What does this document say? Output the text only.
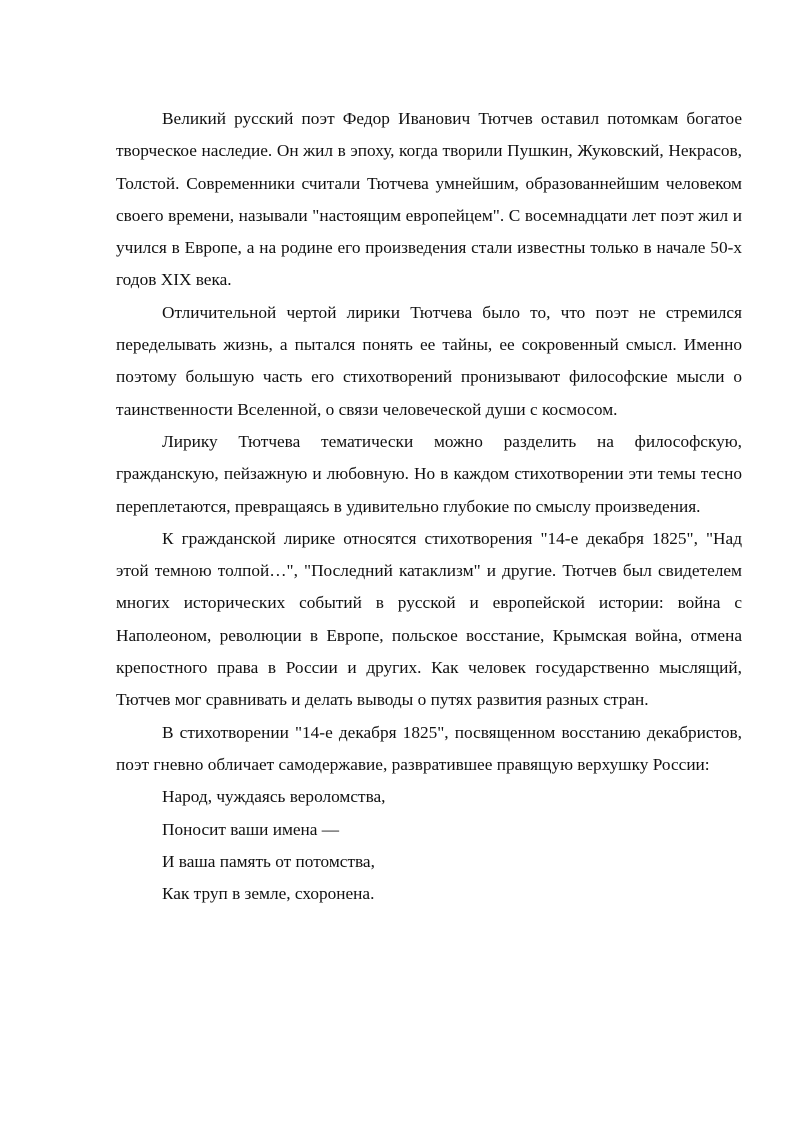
Великий русский поэт Федор Иванович Тютчев оставил потомкам богатое творческое наследие. Он жил в эпоху, когда творили Пушкин, Жуковский, Некрасов, Толстой. Современники считали Тютчева умнейшим, образованнейшим человеком своего времени, называли "настоящим европейцем". С восемнадцати лет поэт жил и учился в Европе, а на родине его произведения стали известны только в начале 50-х годов XIX века.

Отличительной чертой лирики Тютчева было то, что поэт не стремился переделывать жизнь, а пытался понять ее тайны, ее сокровенный смысл. Именно поэтому большую часть его стихотворений пронизывают философские мысли о таинственности Вселенной, о связи человеческой души с космосом.

Лирику Тютчева тематически можно разделить на философскую, гражданскую, пейзажную и любовную. Но в каждом стихотворении эти темы тесно переплетаются, превращаясь в удивительно глубокие по смыслу произведения.

К гражданской лирике относятся стихотворения "14-е декабря 1825", "Над этой темною толпой…", "Последний катаклизм" и другие. Тютчев был свидетелем многих исторических событий в русской и европейской истории: война с Наполеоном, революции в Европе, польское восстание, Крымская война, отмена крепостного права в России и других. Как человек государственно мыслящий, Тютчев мог сравнивать и делать выводы о путях развития разных стран.

В стихотворении "14-е декабря 1825", посвященном восстанию декабристов, поэт гневно обличает самодержавие, развратившее правящую верхушку России:

Народ, чуждаясь вероломства,
Поносит ваши имена —
И ваша память от потомства,
Как труп в земле, схоронена.
